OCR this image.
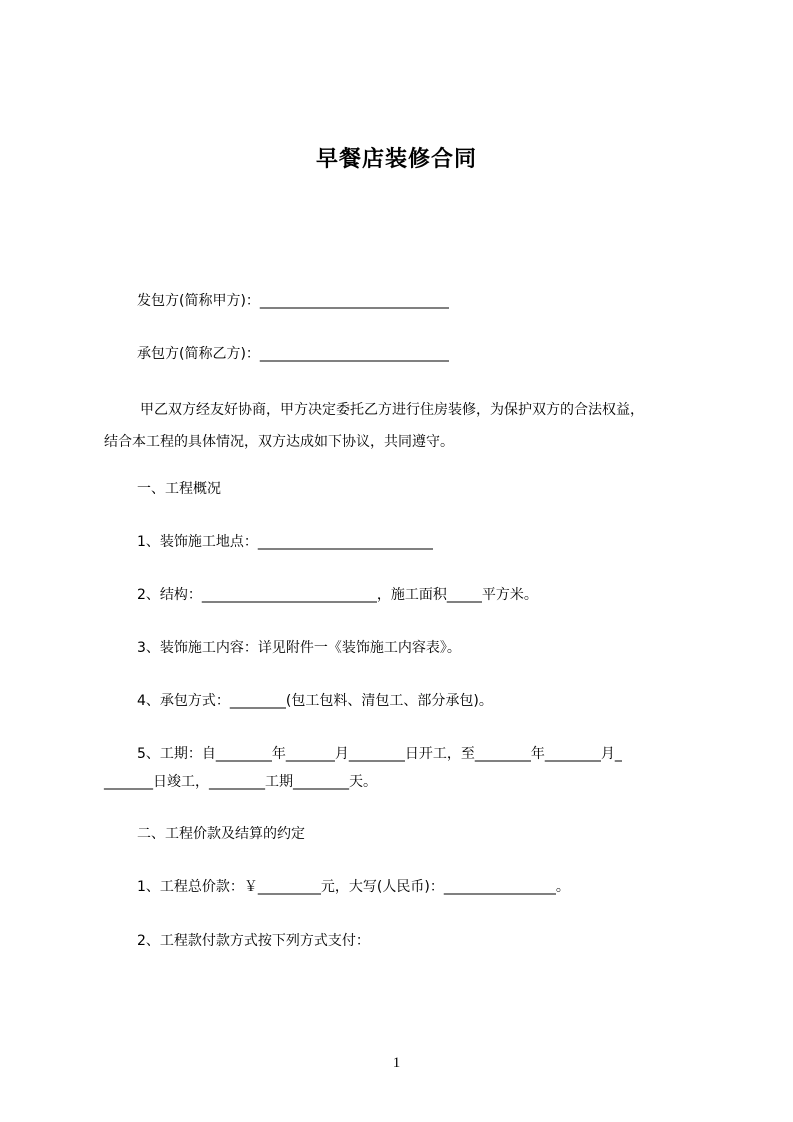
早餐店装修合同
发包方(简称甲方)：___________________________
承包方(简称乙方)：___________________________
甲乙双方经友好协商，甲方决定委托乙方进行住房装修，为保护双方的合法权益，
结合本工程的具体情况，双方达成如下协议，共同遵守。
一、工程概况
1、装饰施工地点：_________________________
2、结构：_________________________，施工面积_____平方米。
3、装饰施工内容：详见附件一《装饰施工内容表》。
4、承包方式：________(包工包料、清包工、部分承包)。
5、工期：自________年_______月________日开工，至________年________月_
_______日竣工，________工期________天。
二、工程价款及结算的约定
1、工程总价款：￥_________元，大写(人民币)：________________。
2、工程款付款方式按下列方式支付：
1
